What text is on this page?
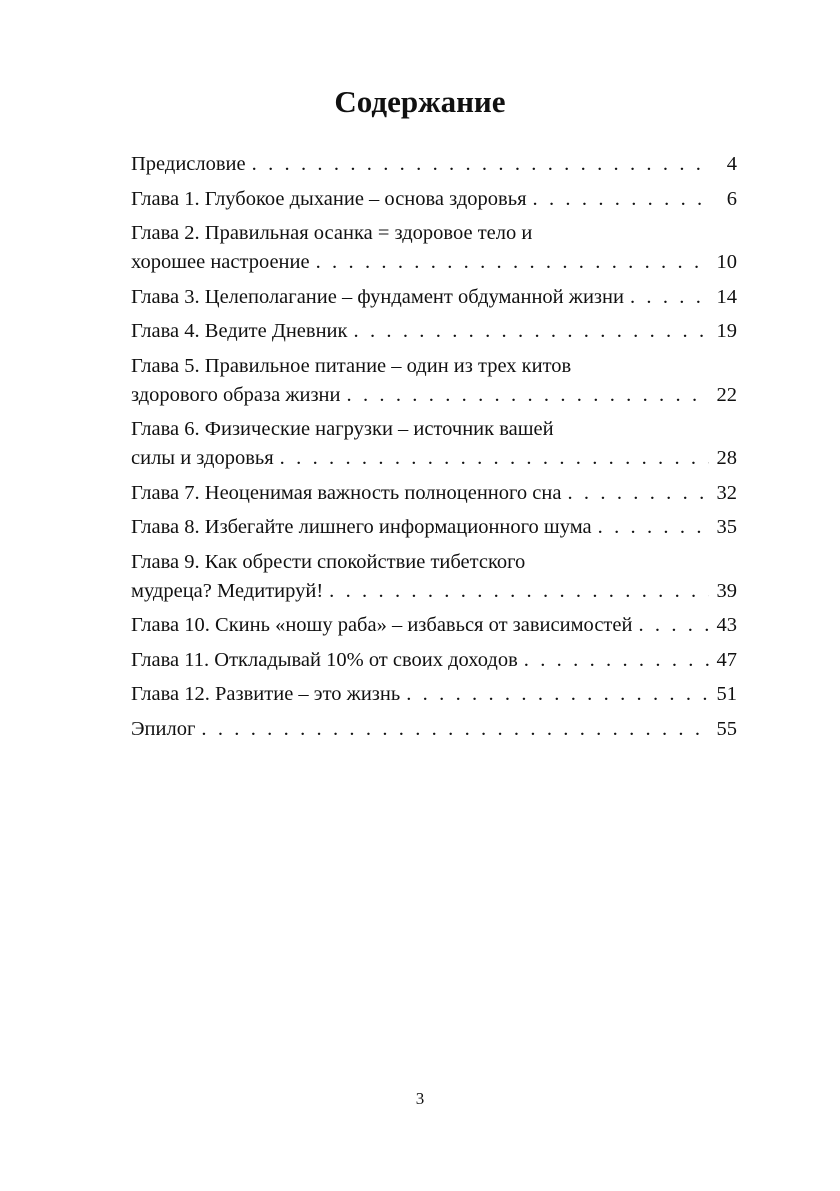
Содержание
Предисловие . . .	4
Глава 1. Глубокое дыхание – основа здоровья . . .	6
Глава 2. Правильная осанка = здоровое тело и
хорошее настроение . . .	10
Глава 3. Целеполагание – фундамент обдуманной жизни . . .	14
Глава 4. Ведите Дневник . . .	19
Глава 5. Правильное питание – один из трех китов
здорового образа жизни . . .	22
Глава 6. Физические нагрузки – источник вашей
силы и здоровья . . .	28
Глава 7. Неоценимая важность полноценного сна . . .	32
Глава 8. Избегайте лишнего информационного шума . . .	35
Глава 9. Как обрести спокойствие тибетского
мудреца? Медитируй! . . .	39
Глава 10. Скинь «ношу раба» – избавься от зависимостей . . .	43
Глава 11. Откладывай 10% от своих доходов . . .	47
Глава 12. Развитие – это жизнь . . .	51
Эпилог . . .	55
3
